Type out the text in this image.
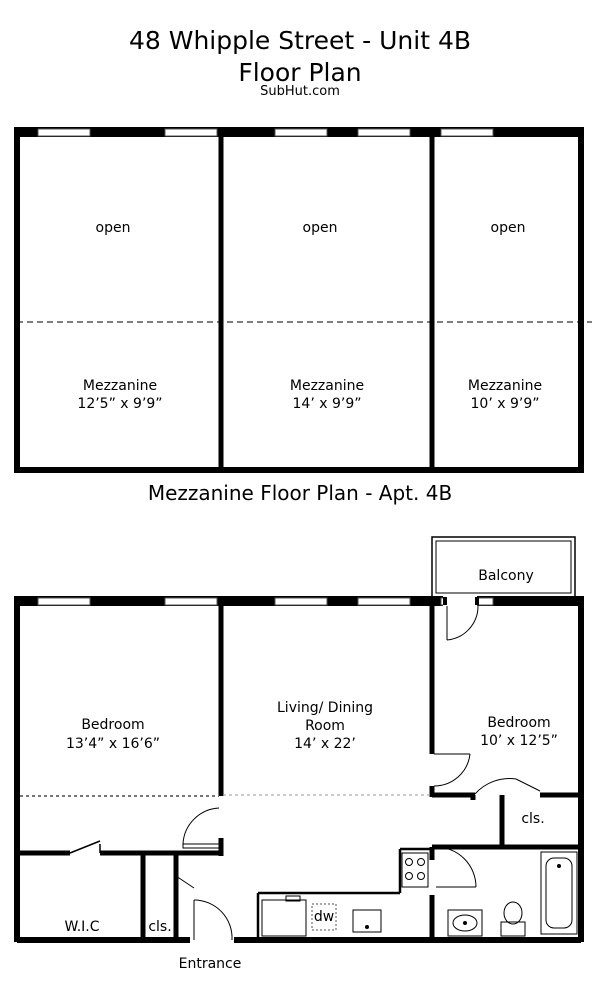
48 Whipple Street - Unit 4B
Floor Plan
SubHut.com
Mezzanine Floor Plan - Apt. 4B
open	open	open
Mezzanine
12’5” x 9’9”
Mezzanine
14’ x 9’9”
Mezzanine
10’ x 9’9”
Balcony
cls.
dw
W.I.C	cls.
Entrance
Bedroom
13’4” x 16’6”
Living/ Dining
Room
14’ x 22’
Bedroom
10’ x 12’5”
